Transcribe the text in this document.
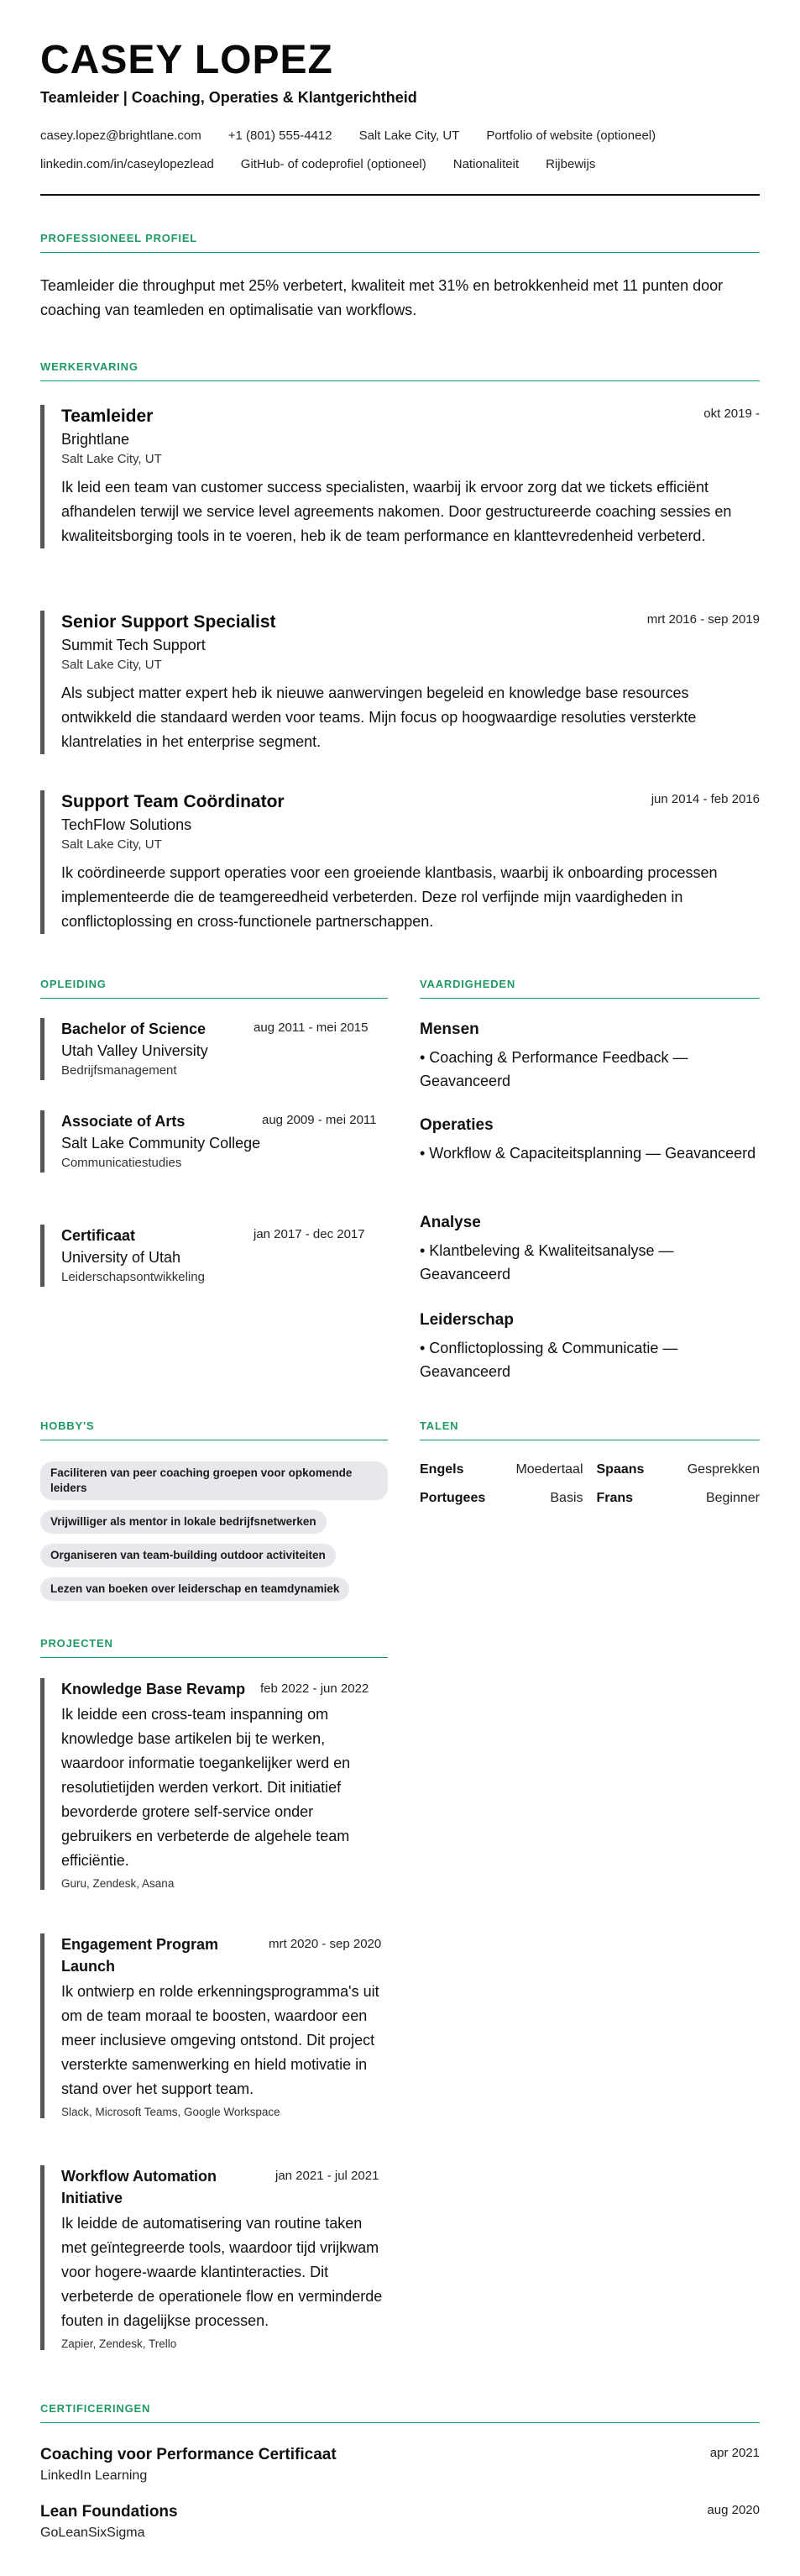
CASEY LOPEZ
Teamleider | Coaching, Operaties & Klantgerichtheid
casey.lopez@brightlane.com +1 (801) 555-4412 Salt Lake City, UT Portfolio of website (optioneel)
linkedin.com/in/caseylopezlead GitHub- of codeprofiel (optioneel) Nationaliteit Rijbewijs
PROFESSIONEEL PROFIEL
Teamleider die throughput met 25% verbetert, kwaliteit met 31% en betrokkenheid met 11 punten door coaching van teamleden en optimalisatie van workflows.
WERKERVARING
Teamleider
Brightlane
Salt Lake City, UT
Ik leid een team van customer success specialisten, waarbij ik ervoor zorg dat we tickets efficiënt afhandelen terwijl we service level agreements nakomen. Door gestructureerde coaching sessies en kwaliteitsborging tools in te voeren, heb ik de team performance en klanttevredenheid verbeterd.
okt 2019 -
Senior Support Specialist
Summit Tech Support
Salt Lake City, UT
Als subject matter expert heb ik nieuwe aanwervingen begeleid en knowledge base resources ontwikkeld die standaard werden voor teams. Mijn focus op hoogwaardige resoluties versterkte klantrelaties in het enterprise segment.
mrt 2016 - sep 2019
Support Team Coördinator
TechFlow Solutions
Salt Lake City, UT
Ik coördineerde support operaties voor een groeiende klantbasis, waarbij ik onboarding processen implementeerde die de teamgereedheid verbeterden. Deze rol verfijnde mijn vaardigheden in conflictoplossing en cross-functionele partnerschappen.
jun 2014 - feb 2016
OPLEIDING
Bachelor of Science
Utah Valley University
Bedrijfsmanagement
aug 2011 - mei 2015
Associate of Arts
Salt Lake Community College
Communicatiestudies
aug 2009 - mei 2011
Certificaat
University of Utah
Leiderschapsontwikkeling
jan 2017 - dec 2017
VAARDIGHEDEN
Mensen
• Coaching & Performance Feedback — Geavanceerd
Operaties
• Workflow & Capaciteitsplanning — Geavanceerd
Analyse
• Klantbeleving & Kwaliteitsanalyse — Geavanceerd
Leiderschap
• Conflictoplossing & Communicatie — Geavanceerd
HOBBY'S
Faciliteren van peer coaching groepen voor opkomende leiders
Vrijwilliger als mentor in lokale bedrijfsnetwerken
Organiseren van team-building outdoor activiteiten
Lezen van boeken over leiderschap en teamdynamiek
TALEN
Engels	Moedertaal Spaans	Gesprekken
Portugees	Basis Frans	Beginner
PROJECTEN
Knowledge Base Revamp feb 2022 - jun 2022
Ik leidde een cross-team inspanning om knowledge base artikelen bij te werken, waardoor informatie toegankelijker werd en resolutietijden werden verkort. Dit initiatief bevorderde grotere self-service onder gebruikers en verbeterde de algehele team efficiëntie.
Guru, Zendesk, Asana
Engagement Program Launch
mrt 2020 - sep 2020
Ik ontwierp en rolde erkenningsprogramma's uit om de team moraal te boosten, waardoor een meer inclusieve omgeving ontstond. Dit project versterkte samenwerking en hield motivatie in stand over het support team.
Slack, Microsoft Teams, Google Workspace
Workflow Automation Initiative
jan 2021 - jul 2021
Ik leidde de automatisering van routine taken met geïntegreerde tools, waardoor tijd vrijkwam voor hogere-waarde klantinteracties. Dit verbeterde de operationele flow en verminderde fouten in dagelijkse processen.
Zapier, Zendesk, Trello
CERTIFICERINGEN
Coaching voor Performance Certificaat
LinkedIn Learning
apr 2021
Lean Foundations
GoLeanSixSigma
aug 2020
